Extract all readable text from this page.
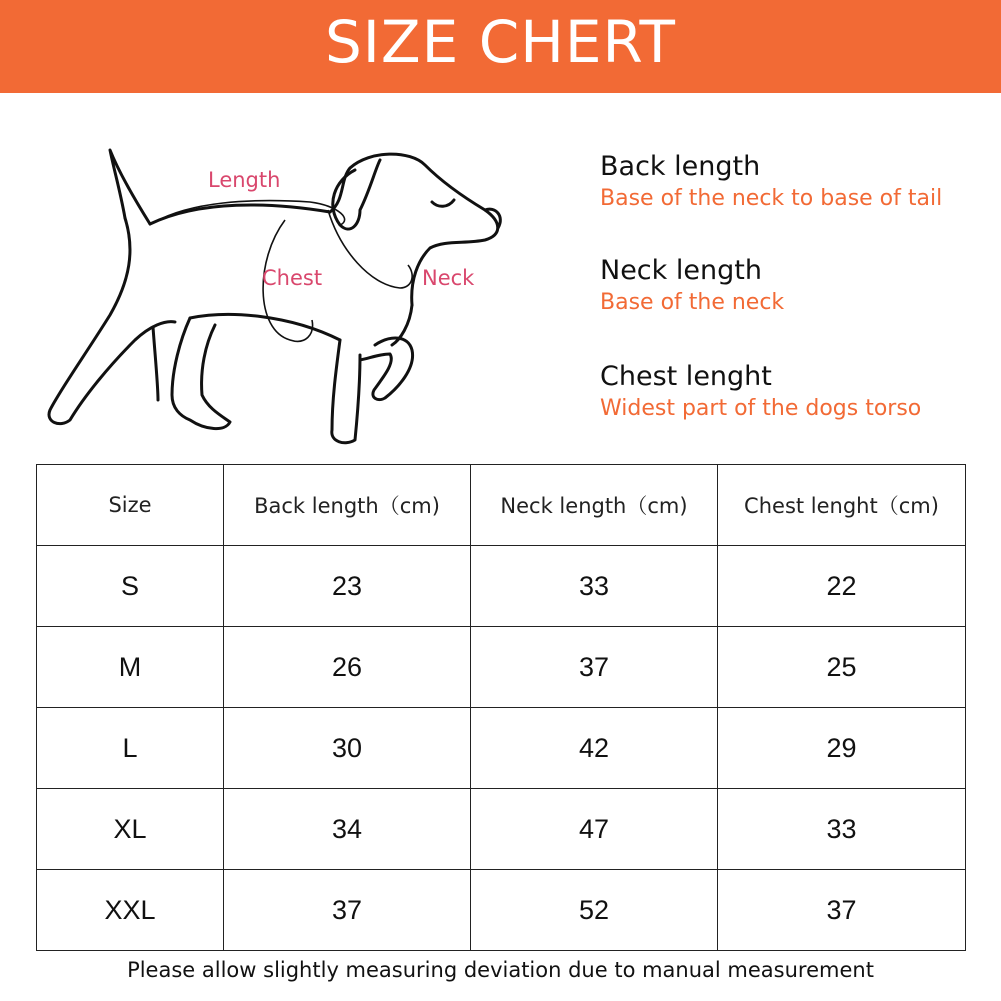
SIZE CHERT
Length
Chest	Neck

Back length

Base of the neck to base of tail

Neck length

Base of the neck

Chest lenght

Widest part of the dogs torso

Size	Back length（cm)	Neck length（cm)	Chest lenght（cm)
S	23	33	22
M	26	37	25
L	30	42	29
XL	34	47	33
XXL	37	52	37
Please allow slightly measuring deviation due to manual measurement
